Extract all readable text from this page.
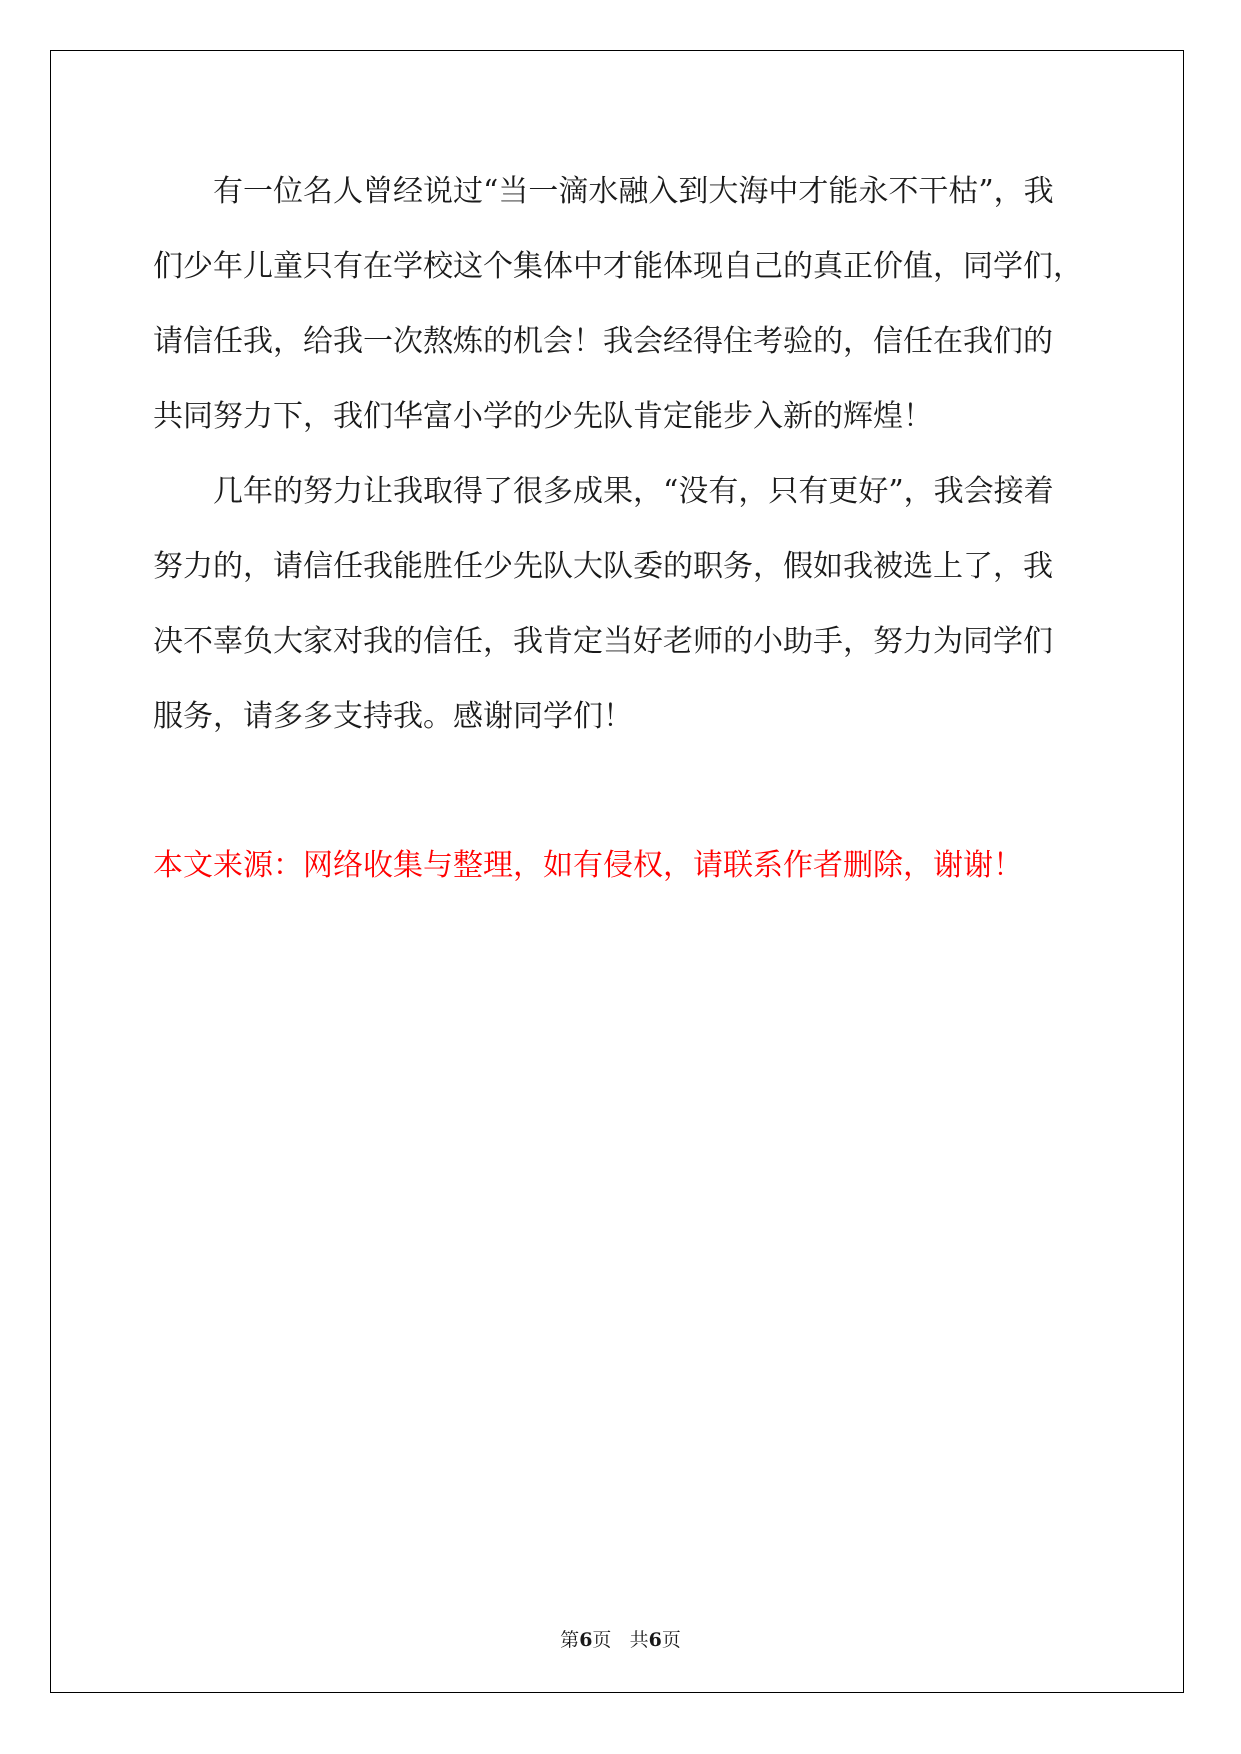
有一位名人曾经说过“当一滴水融入到大海中才能永不干枯”，我
们少年儿童只有在学校这个集体中才能体现自己的真正价值，同学们，
请信任我，给我一次熬炼的机会！我会经得住考验的，信任在我们的
共同努力下，我们华富小学的少先队肯定能步入新的辉煌！
几年的努力让我取得了很多成果，“没有，只有更好”，我会接着
努力的，请信任我能胜任少先队大队委的职务，假如我被选上了，我
决不辜负大家对我的信任，我肯定当好老师的小助手，努力为同学们
服务，请多多支持我。感谢同学们！
本文来源：网络收集与整理，如有侵权，请联系作者删除，谢谢！
第6页 共6页
